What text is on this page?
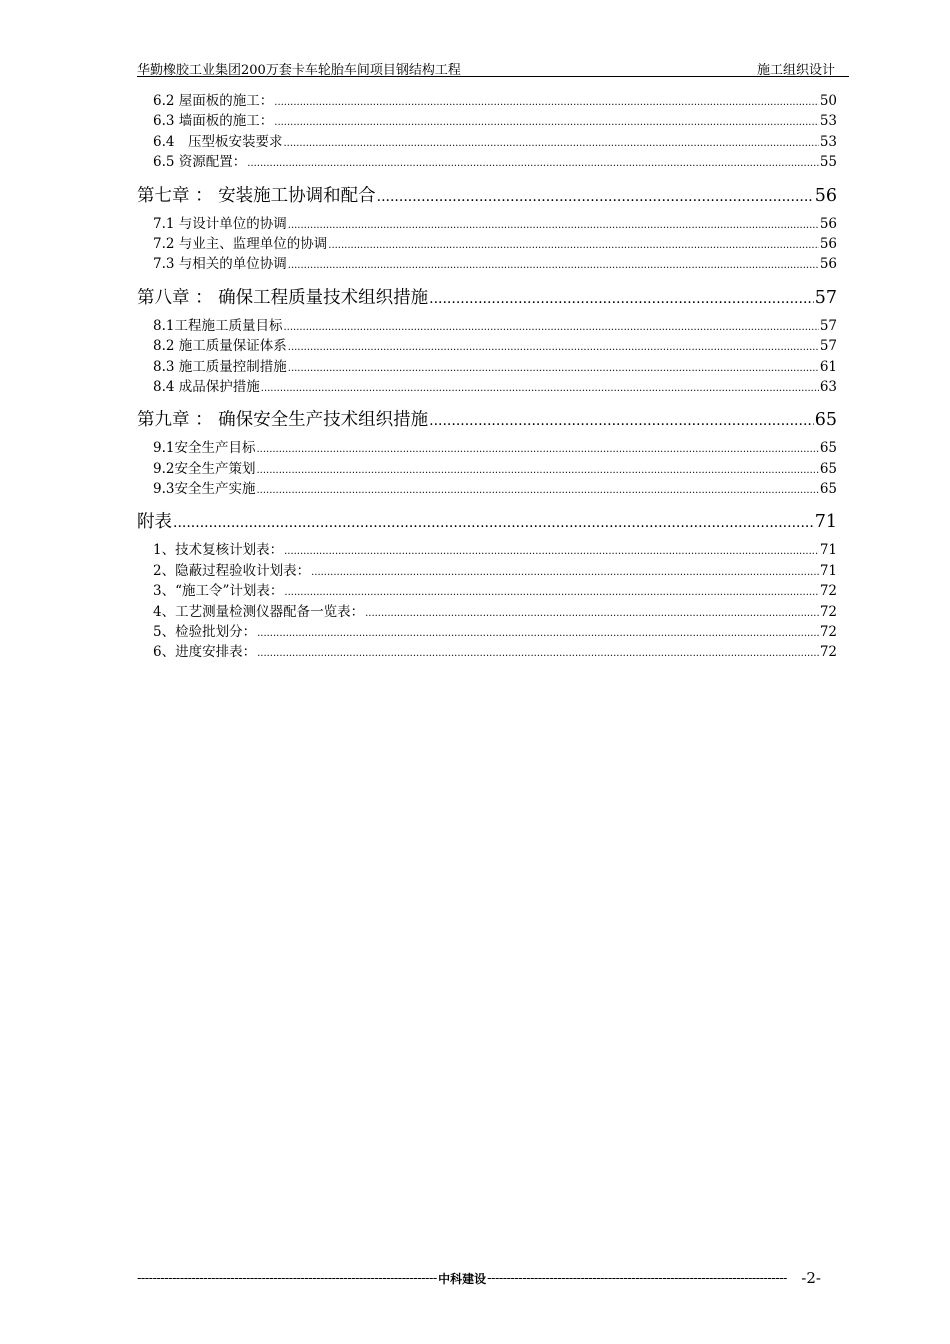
华勤橡胶工业集团200万套卡车轮胎车间项目钢结构工程	施工组织设计
6.2 屋面板的施工： .....	50
6.3 墙面板的施工： .....	53
6.4　压型板安装要求 .....	53
6.5 资源配置： .....	55
第七章 ： 安装施工协调和配合 .....	56
7.1 与设计单位的协调 .....	56
7.2 与业主、监理单位的协调 .....	56
7.3 与相关的单位协调 .....	56
第八章 ： 确保工程质量技术组织措施 .....	57
8.1工程施工质量目标 .....	57
8.2 施工质量保证体系 .....	57
8.3 施工质量控制措施 .....	61
8.4 成品保护措施 .....	63
第九章 ： 确保安全生产技术组织措施 .....	65
9.1安全生产目标 .....	65
9.2安全生产策划 .....	65
9.3安全生产实施 .....	65
附表 .....	71
1、技术复核计划表： .....	71
2、隐蔽过程验收计划表： .....	71
3、“施工令”计划表： .....	72
4、工艺测量检测仪器配备一览表： .....	72
5、检验批划分： .....	72
6、进度安排表： .....	72
-----
中科建设 -----	-2-
